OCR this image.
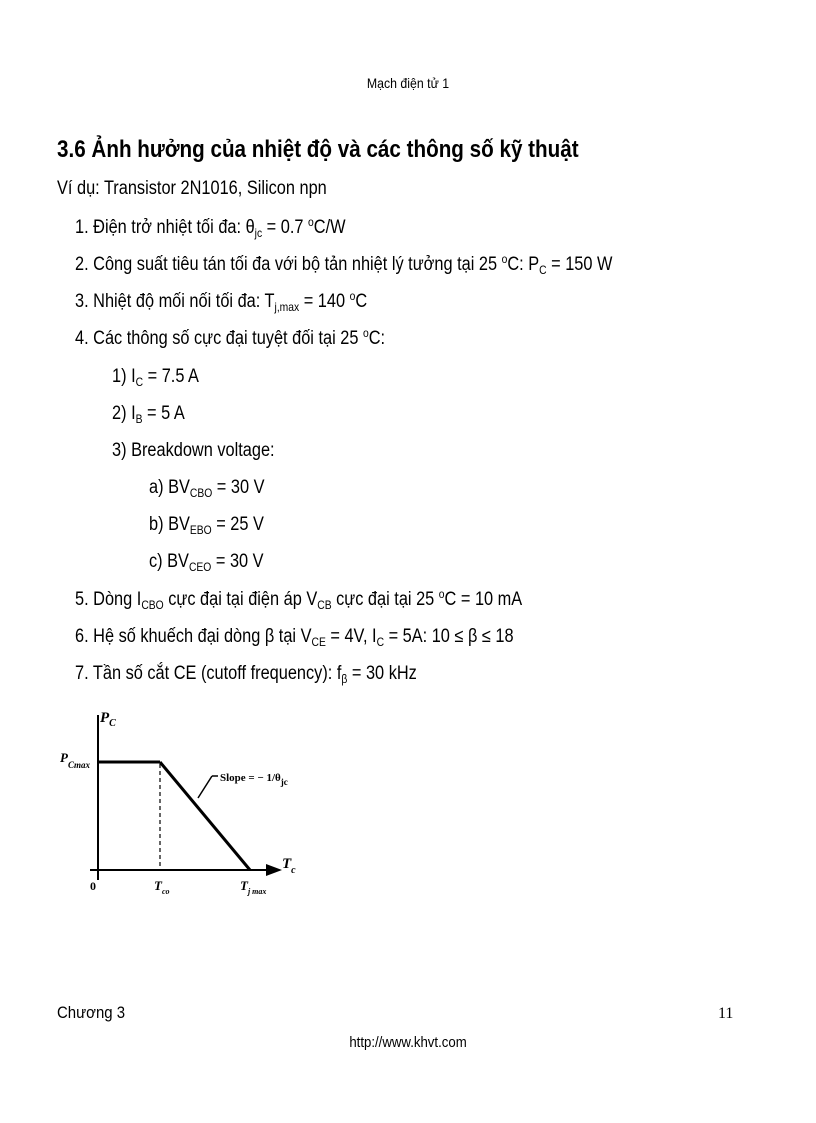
Mạch điện tử 1
3.6 Ảnh hưởng của nhiệt độ và các thông số kỹ thuật
Ví dụ: Transistor 2N1016, Silicon npn
1. Điện trở nhiệt tối đa: $\theta_{jc} = 0.7$ $^o$C/W
2. Công suất tiêu tán tối đa với bộ tản nhiệt lý tưởng tại 25 $^o$C: $P_C = 150$ W
3. Nhiệt độ mối nối tối đa: $T_{j,max} = 140$ $^o$C
4. Các thông số cực đại tuyệt đối tại 25 $^o$C:
1) $I_C = 7.5$ A
2) $I_B = 5$ A
3) Breakdown voltage:
a) $BV_{CBO} = 30$ V
b) $BV_{EBO} = 25$ V
c) $BV_{CEO} = 30$ V
5. Dòng $I_{CBO}$ cực đại tại điện áp $V_{CB}$ cực đại tại 25 $^o$C = 10 mA
6. Hệ số khuếch đại dòng β tại $V_{CE} = 4V$, $I_C = 5A$: 10 ≤ β ≤ 18
7. Tần số cắt CE (cutoff frequency): $f_\beta = 30$ kHz
$P_C$
$P_{Cmax}$
Slope = − $1/\theta_{jc}$
$T_c$
0	$T_{co}$	$T_{j max}$
Chương 3	11
http://www.khvt.com
